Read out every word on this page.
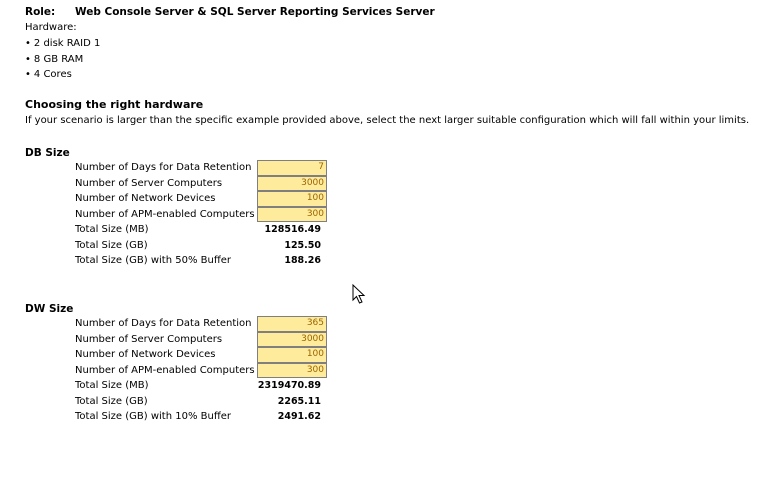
Role: Web Console Server & SQL Server Reporting Services Server
Hardware:
• 2 disk RAID 1
• 8 GB RAM
• 4 Cores
Choosing the right hardware
If your scenario is larger than the specific example provided above, select the next larger suitable configuration which will fall within your limits.
DB Size
Number of Days for Data Retention	7
Number of Server Computers	3000
Number of Network Devices	100
Number of APM-enabled Computers	300
Total Size (MB)	128516.49
Total Size (GB)	125.50
Total Size (GB) with 50% Buffer	188.26
DW Size
Number of Days for Data Retention	365
Number of Server Computers	3000
Number of Network Devices	100
Number of APM-enabled Computers	300
Total Size (MB)	2319470.89
Total Size (GB)	2265.11
Total Size (GB) with 10% Buffer	2491.62
